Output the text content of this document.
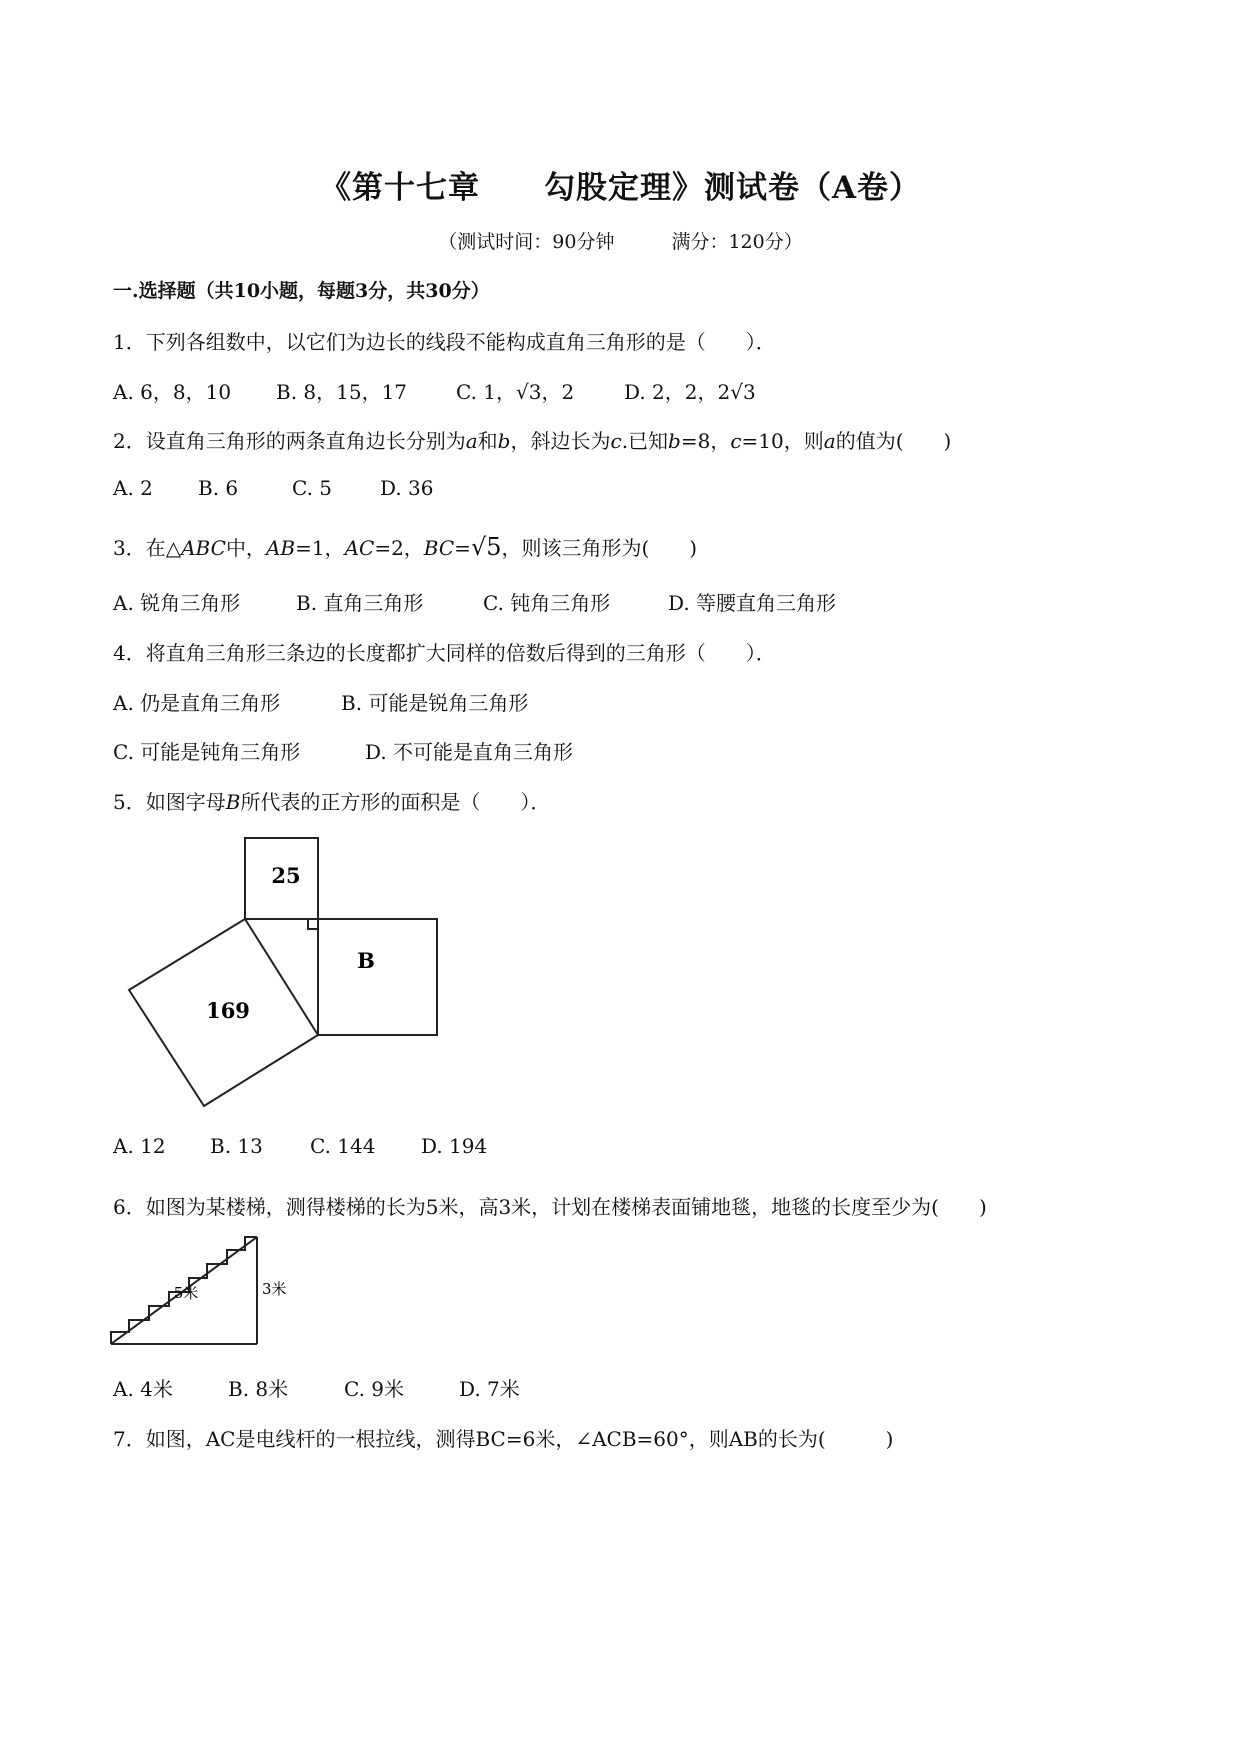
《第十七章　　勾股定理》测试卷（A卷）
（测试时间：90分钟　　　满分：120分）
一.选择题（共10小题，每题3分，共30分）
1．下列各组数中，以它们为边长的线段不能构成直角三角形的是（　　）．
A. 6，8，10 B. 8，15，17 C. 1，√3，2 D. 2，2，2√3
2．设直角三角形的两条直角边长分别为a和b，斜边长为c.已知b=8，c=10，则a的值为(　　)
A. 2 B. 6	C. 5 D. 36
3．在△ABC中，AB=1，AC=2，BC=√5，则该三角形为(　　)
A. 锐角三角形	B. 直角三角形	C. 钝角三角形	D. 等腰直角三角形
4．将直角三角形三条边的长度都扩大同样的倍数后得到的三角形（　　）．
A. 仍是直角三角形	B. 可能是锐角三角形
C. 可能是钝角三角形	D. 不可能是直角三角形
5．如图字母B所代表的正方形的面积是（　　）．
25
B
169
A. 12 B. 13 C. 144 D. 194
6．如图为某楼梯，测得楼梯的长为5米，高3米，计划在楼梯表面铺地毯，地毯的长度至少为(　　)
5米	3米
A. 4米	B. 8米	C. 9米	D. 7米
7．如图，AC是电线杆的一根拉线，测得BC=6米，∠ACB=60°，则AB的长为(　　　)
